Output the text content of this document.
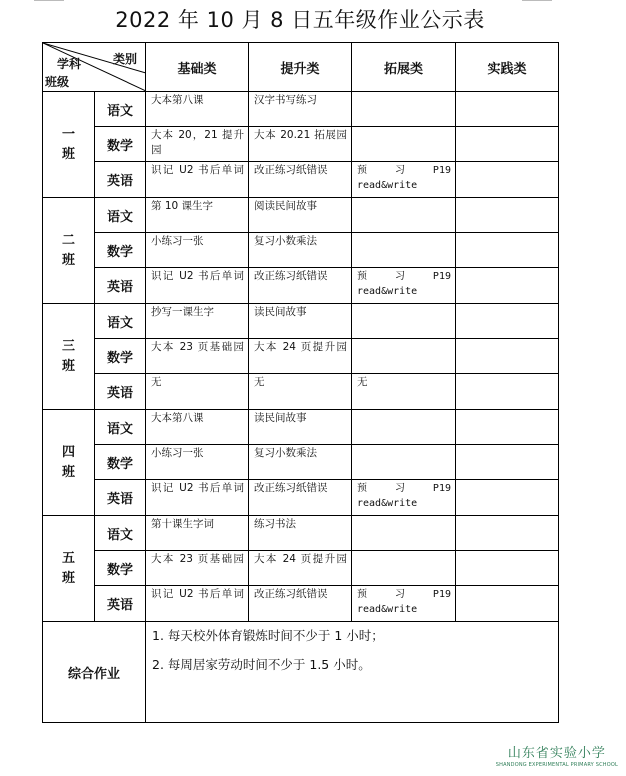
2022 年 10 月 8 日五年级作业公示表
类别
学科
班级		基础类	提升类	拓展类	实践类
一班	语文	大本第八课	汉字书写练习		
	数学	大本 20，21 提升园	大本 20.21 拓展园		
	英语	识记 U2 书后单词	改正练习纸错误	预 习 P19 read&write	
二班	语文	第 10 课生字	阅读民间故事		
	数学	小练习一张	复习小数乘法		
	英语	识记 U2 书后单词	改正练习纸错误	预 习 P19 read&write	
三班	语文	抄写一课生字	读民间故事		
	数学	大本 23 页基础园	大本 24 页提升园		
	英语	无	无	无	
四班	语文	大本第八课	读民间故事		
	数学	小练习一张	复习小数乘法		
	英语	识记 U2 书后单词	改正练习纸错误	预 习 P19 read&write	
五班	语文	第十课生字词	练习书法		
	数学	大本 23 页基础园	大本 24 页提升园		
	英语	识记 U2 书后单词	改正练习纸错误	预 习 P19 read&write	
综合作业		1. 每天校外体育锻炼时间不少于 1 小时；
2. 每周居家劳动时间不少于 1.5 小时。			
山东省实验小学
SHANDONG EXPERIMENTAL PRIMARY SCHOOL
